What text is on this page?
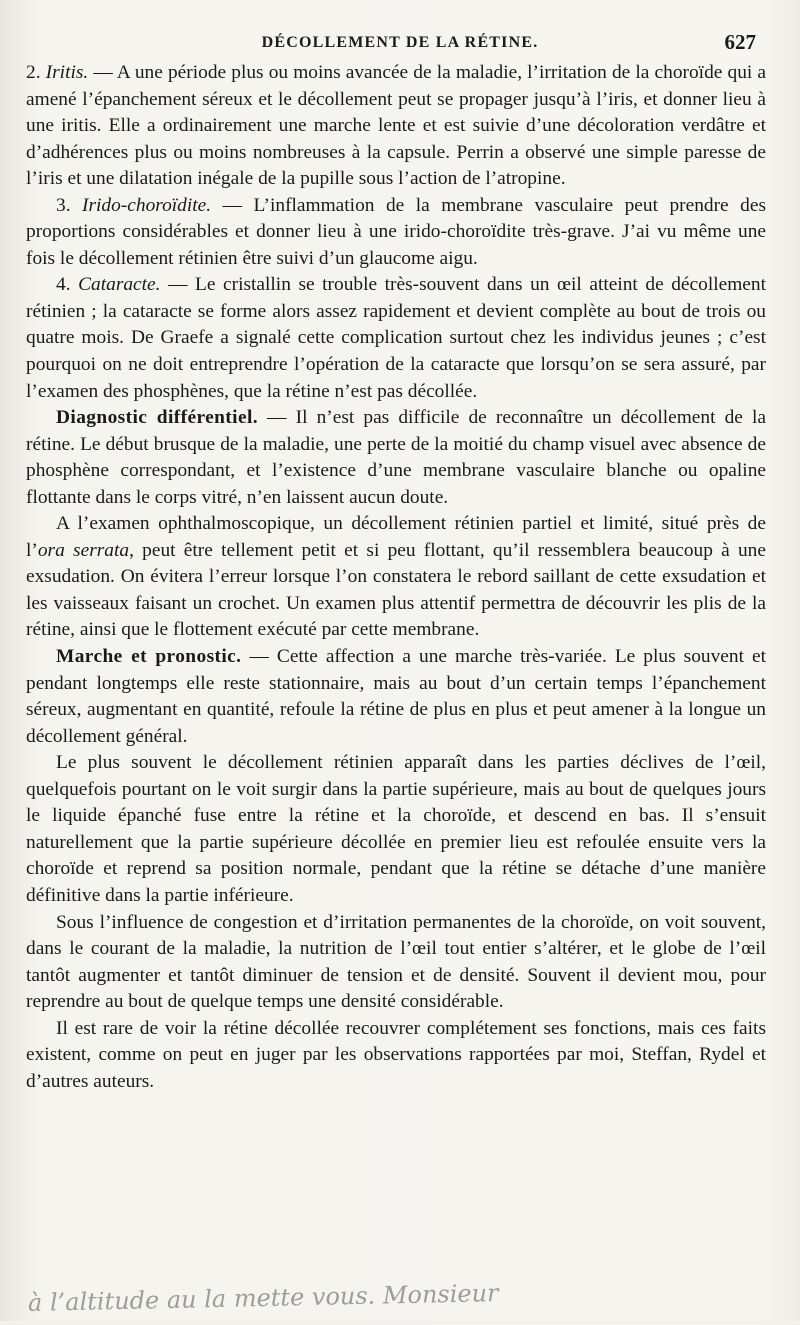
DÉCOLLEMENT DE LA RÉTINE.	627

2. Iritis. — A une période plus ou moins avancée de la maladie, l’irritation de la choroïde qui a amené l’épanchement séreux et le décollement peut se propager jusqu’à l’iris, et donner lieu à une iritis. Elle a ordinairement une marche lente et est suivie d’une décoloration verdâtre et d’adhérences plus ou moins nombreuses à la capsule. Perrin a observé une simple paresse de l’iris et une dilatation inégale de la pupille sous l’action de l’atropine.

3. Irido-choroïdite. — L’inflammation de la membrane vasculaire peut prendre des proportions considérables et donner lieu à une irido-choroïdite très-grave. J’ai vu même une fois le décollement rétinien être suivi d’un glaucome aigu.

4. Cataracte. — Le cristallin se trouble très-souvent dans un œil atteint de décollement rétinien ; la cataracte se forme alors assez rapidement et devient complète au bout de trois ou quatre mois. De Graefe a signalé cette complication surtout chez les individus jeunes ; c’est pourquoi on ne doit entreprendre l’opération de la cataracte que lorsqu’on se sera assuré, par l’examen des phosphènes, que la rétine n’est pas décollée.

Diagnostic différentiel. — Il n’est pas difficile de reconnaître un décollement de la rétine. Le début brusque de la maladie, une perte de la moitié du champ visuel avec absence de phosphène correspondant, et l’existence d’une membrane vasculaire blanche ou opaline flottante dans le corps vitré, n’en laissent aucun doute.

A l’examen ophthalmoscopique, un décollement rétinien partiel et limité, situé près de l’ora serrata, peut être tellement petit et si peu flottant, qu’il ressemblera beaucoup à une exsudation. On évitera l’erreur lorsque l’on constatera le rebord saillant de cette exsudation et les vaisseaux faisant un crochet. Un examen plus attentif permettra de découvrir les plis de la rétine, ainsi que le flottement exécuté par cette membrane.

Marche et pronostic. — Cette affection a une marche très-variée. Le plus souvent et pendant longtemps elle reste stationnaire, mais au bout d’un certain temps l’épanchement séreux, augmentant en quantité, refoule la rétine de plus en plus et peut amener à la longue un décollement général.

Le plus souvent le décollement rétinien apparaît dans les parties déclives de l’œil, quelquefois pourtant on le voit surgir dans la partie supérieure, mais au bout de quelques jours le liquide épanché fuse entre la rétine et la choroïde, et descend en bas. Il s’ensuit naturellement que la partie supérieure décollée en premier lieu est refoulée ensuite vers la choroïde et reprend sa position normale, pendant que la rétine se détache d’une manière définitive dans la partie inférieure.

Sous l’influence de congestion et d’irritation permanentes de la choroïde, on voit souvent, dans le courant de la maladie, la nutrition de l’œil tout entier s’altérer, et le globe de l’œil tantôt augmenter et tantôt diminuer de tension et de densité. Souvent il devient mou, pour reprendre au bout de quelque temps une densité considérable.

Il est rare de voir la rétine décollée recouvrer complétement ses fonctions, mais ces faits existent, comme on peut en juger par les observations rapportées par moi, Steffan, Rydel et d’autres auteurs.

à l’altitude au la mette vous. Monsieur
